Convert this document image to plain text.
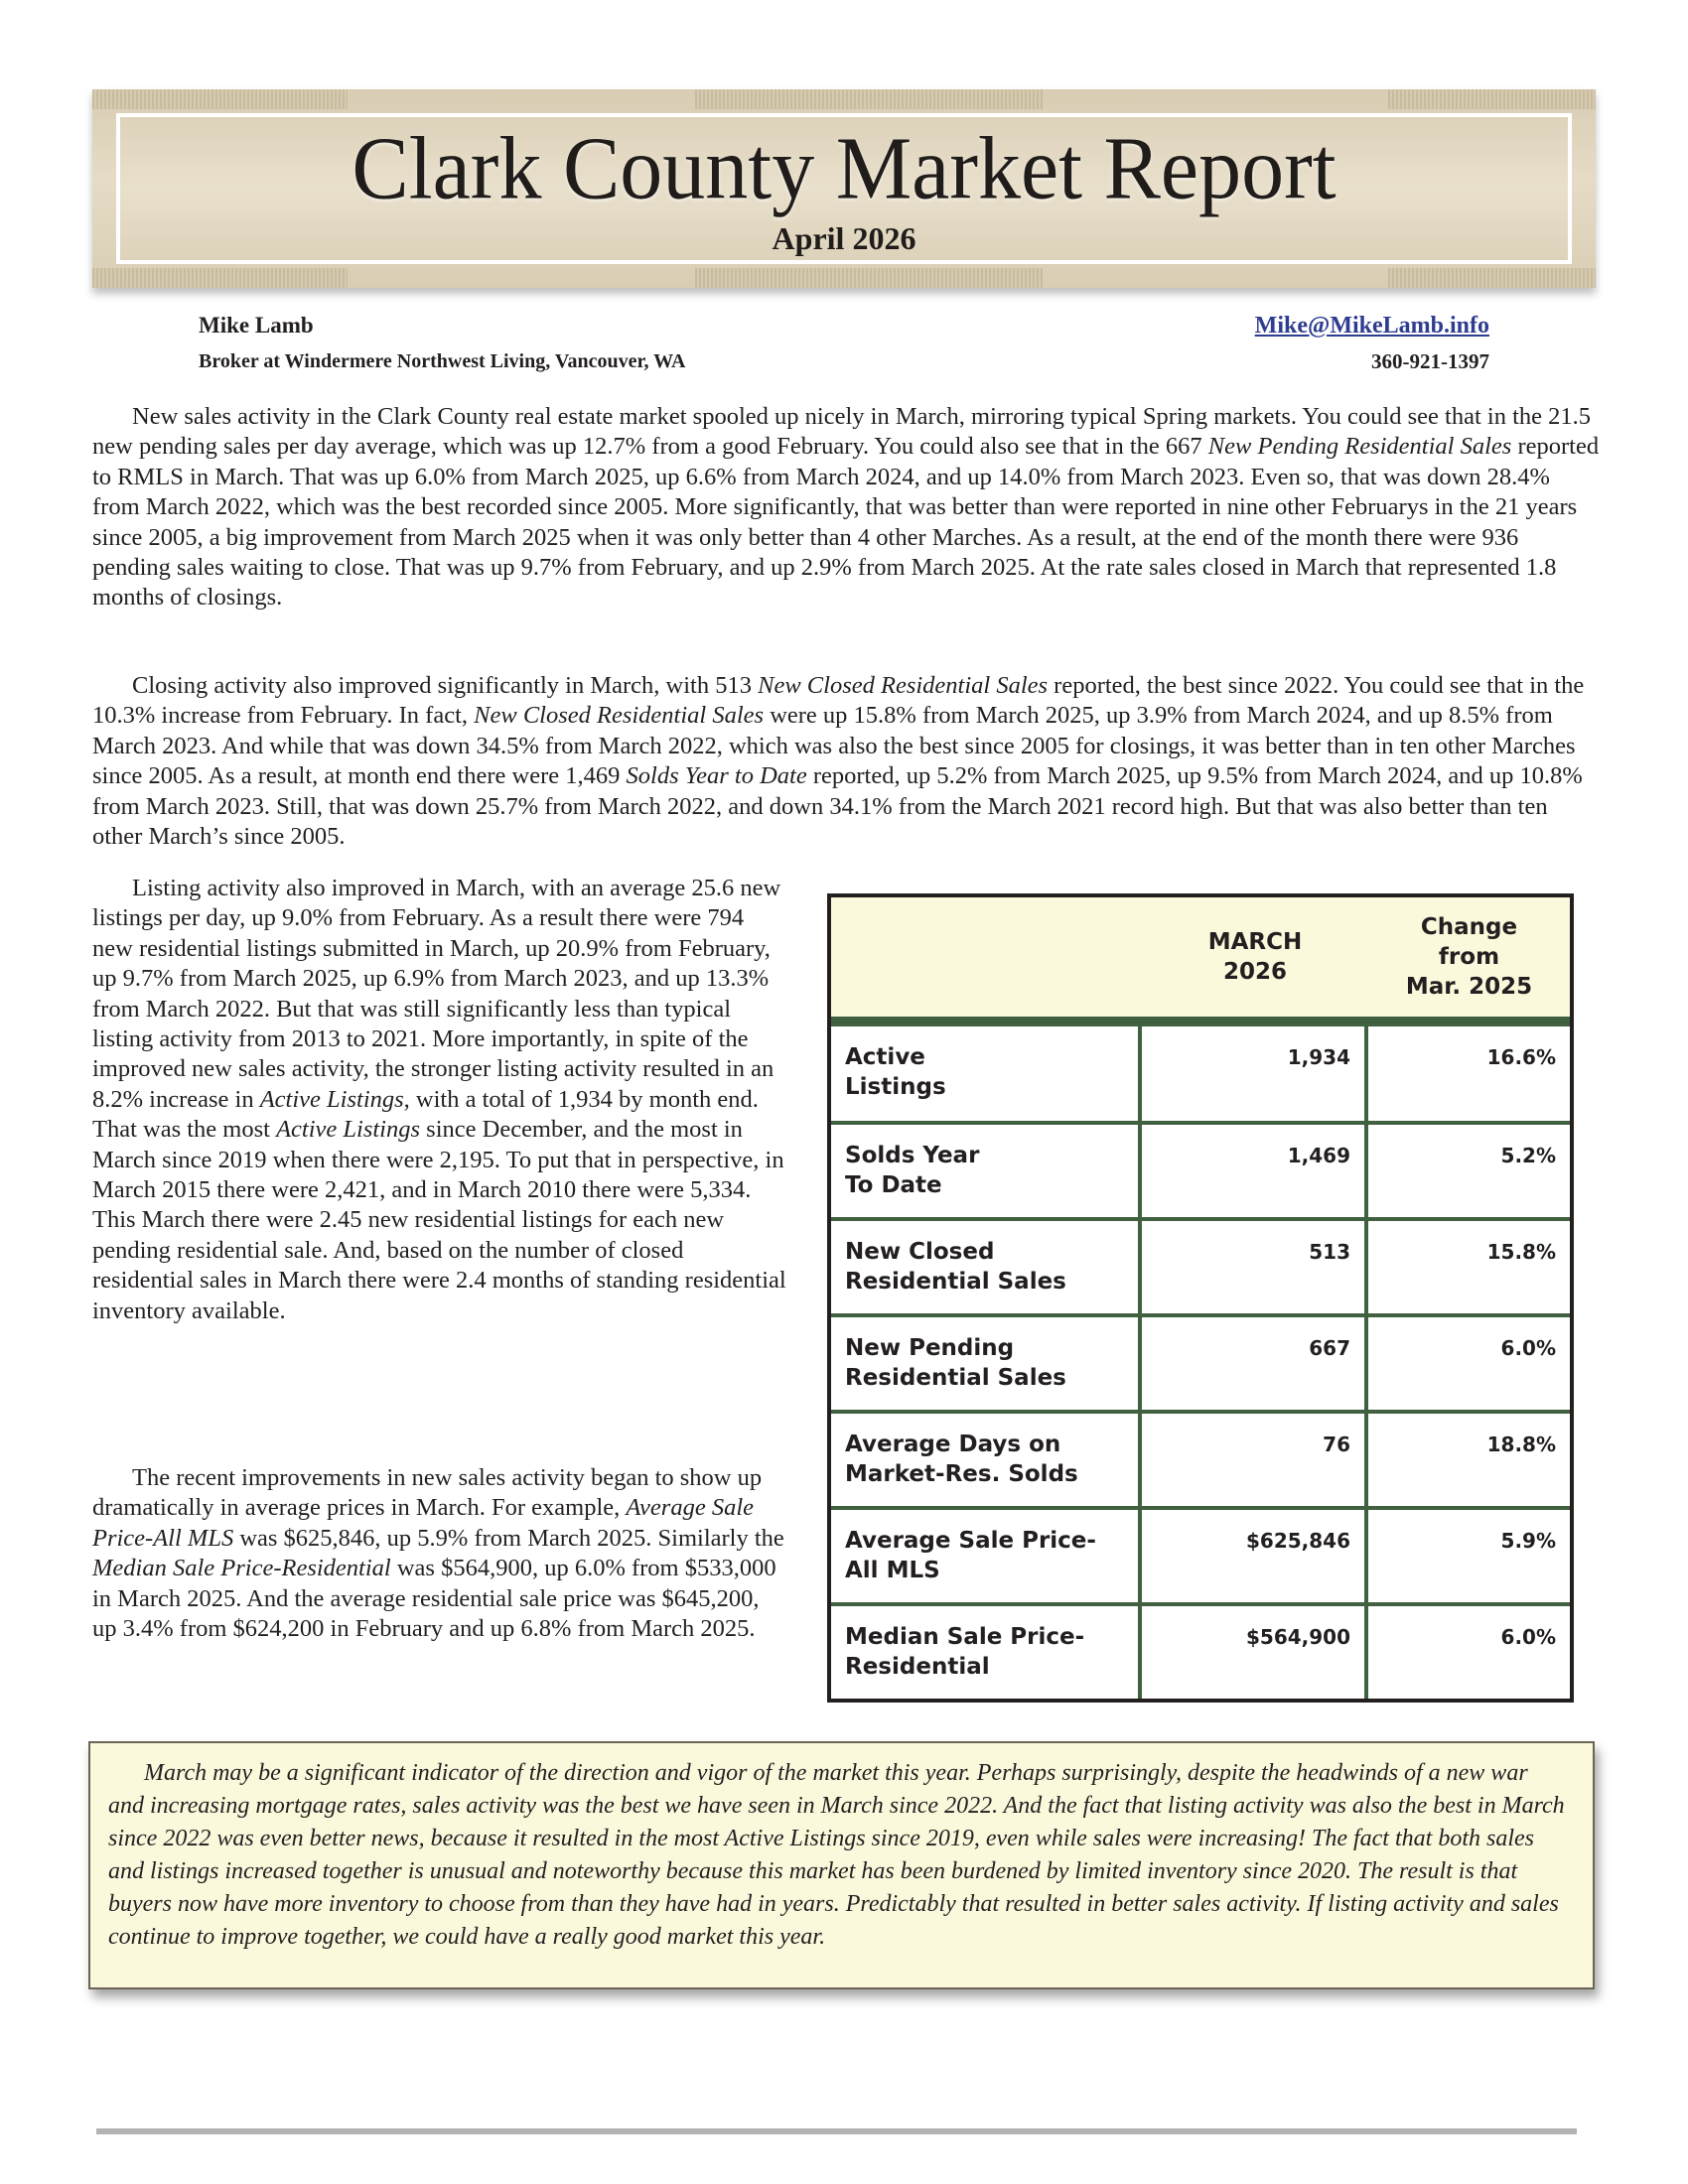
Clark County Market Report
April 2026
Mike Lamb
Broker at Windermere Northwest Living, Vancouver, WA
Mike@MikeLamb.info
360-921-1397
New sales activity in the Clark County real estate market spooled up nicely in March, mirroring typical Spring markets. You could see that in the 21.5 new pending sales per day average, which was up 12.7% from a good February. You could also see that in the 667 New Pending Residential Sales reported to RMLS in March. That was up 6.0% from March 2025, up 6.6% from March 2024, and up 14.0% from March 2023. Even so, that was down 28.4% from March 2022, which was the best recorded since 2005. More significantly, that was better than were reported in nine other Februarys in the 21 years since 2005, a big improvement from March 2025 when it was only better than 4 other Marches. As a result, at the end of the month there were 936 pending sales waiting to close. That was up 9.7% from February, and up 2.9% from March 2025. At the rate sales closed in March that represented 1.8 months of closings.
Closing activity also improved significantly in March, with 513 New Closed Residential Sales reported, the best since 2022. You could see that in the 10.3% increase from February. In fact, New Closed Residential Sales were up 15.8% from March 2025, up 3.9% from March 2024, and up 8.5% from March 2023. And while that was down 34.5% from March 2022, which was also the best since 2005 for closings, it was better than in ten other Marches since 2005. As a result, at month end there were 1,469 Solds Year to Date reported, up 5.2% from March 2025, up 9.5% from March 2024, and up 10.8% from March 2023. Still, that was down 25.7% from March 2022, and down 34.1% from the March 2021 record high. But that was also better than ten other March’s since 2005.
Listing activity also improved in March, with an average 25.6 new listings per day, up 9.0% from February. As a result there were 794 new residential listings submitted in March, up 20.9% from February, up 9.7% from March 2025, up 6.9% from March 2023, and up 13.3% from March 2022. But that was still significantly less than typical listing activity from 2013 to 2021. More importantly, in spite of the improved new sales activity, the stronger listing activity resulted in an 8.2% increase in Active Listings, with a total of 1,934 by month end. That was the most Active Listings since December, and the most in March since 2019 when there were 2,195. To put that in perspective, in March 2015 there were 2,421, and in March 2010 there were 5,334. This March there were 2.45 new residential listings for each new pending residential sale. And, based on the number of closed residential sales in March there were 2.4 months of standing residential inventory available.
The recent improvements in new sales activity began to show up dramatically in average prices in March. For example, Average Sale Price-All MLS was $625,846, up 5.9% from March 2025. Similarly the Median Sale Price-Residential was $564,900, up 6.0% from $533,000 in March 2025. And the average residential sale price was $645,200, up 3.4% from $624,200 in February and up 6.8% from March 2025.
MARCH
2026
Change
from
Mar. 2025
Active
Listings
1,934	16.6%
Solds Year
To Date
1,469	5.2%
New Closed
Residential Sales
513	15.8%
New Pending
Residential Sales
667	6.0%
Average Days on
Market-Res. Solds
76	18.8%
Average Sale Price-
All MLS
$625,846	5.9%
Median Sale Price-
Residential
$564,900	6.0%
March may be a significant indicator of the direction and vigor of the market this year. Perhaps surprisingly, despite the headwinds of a new war and increasing mortgage rates, sales activity was the best we have seen in March since 2022. And the fact that listing activity was also the best in March since 2022 was even better news, because it resulted in the most Active Listings since 2019, even while sales were increasing! The fact that both sales and listings increased together is unusual and noteworthy because this market has been burdened by limited inventory since 2020. The result is that buyers now have more inventory to choose from than they have had in years. Predictably that resulted in better sales activity. If listing activity and sales continue to improve together, we could have a really good market this year.
